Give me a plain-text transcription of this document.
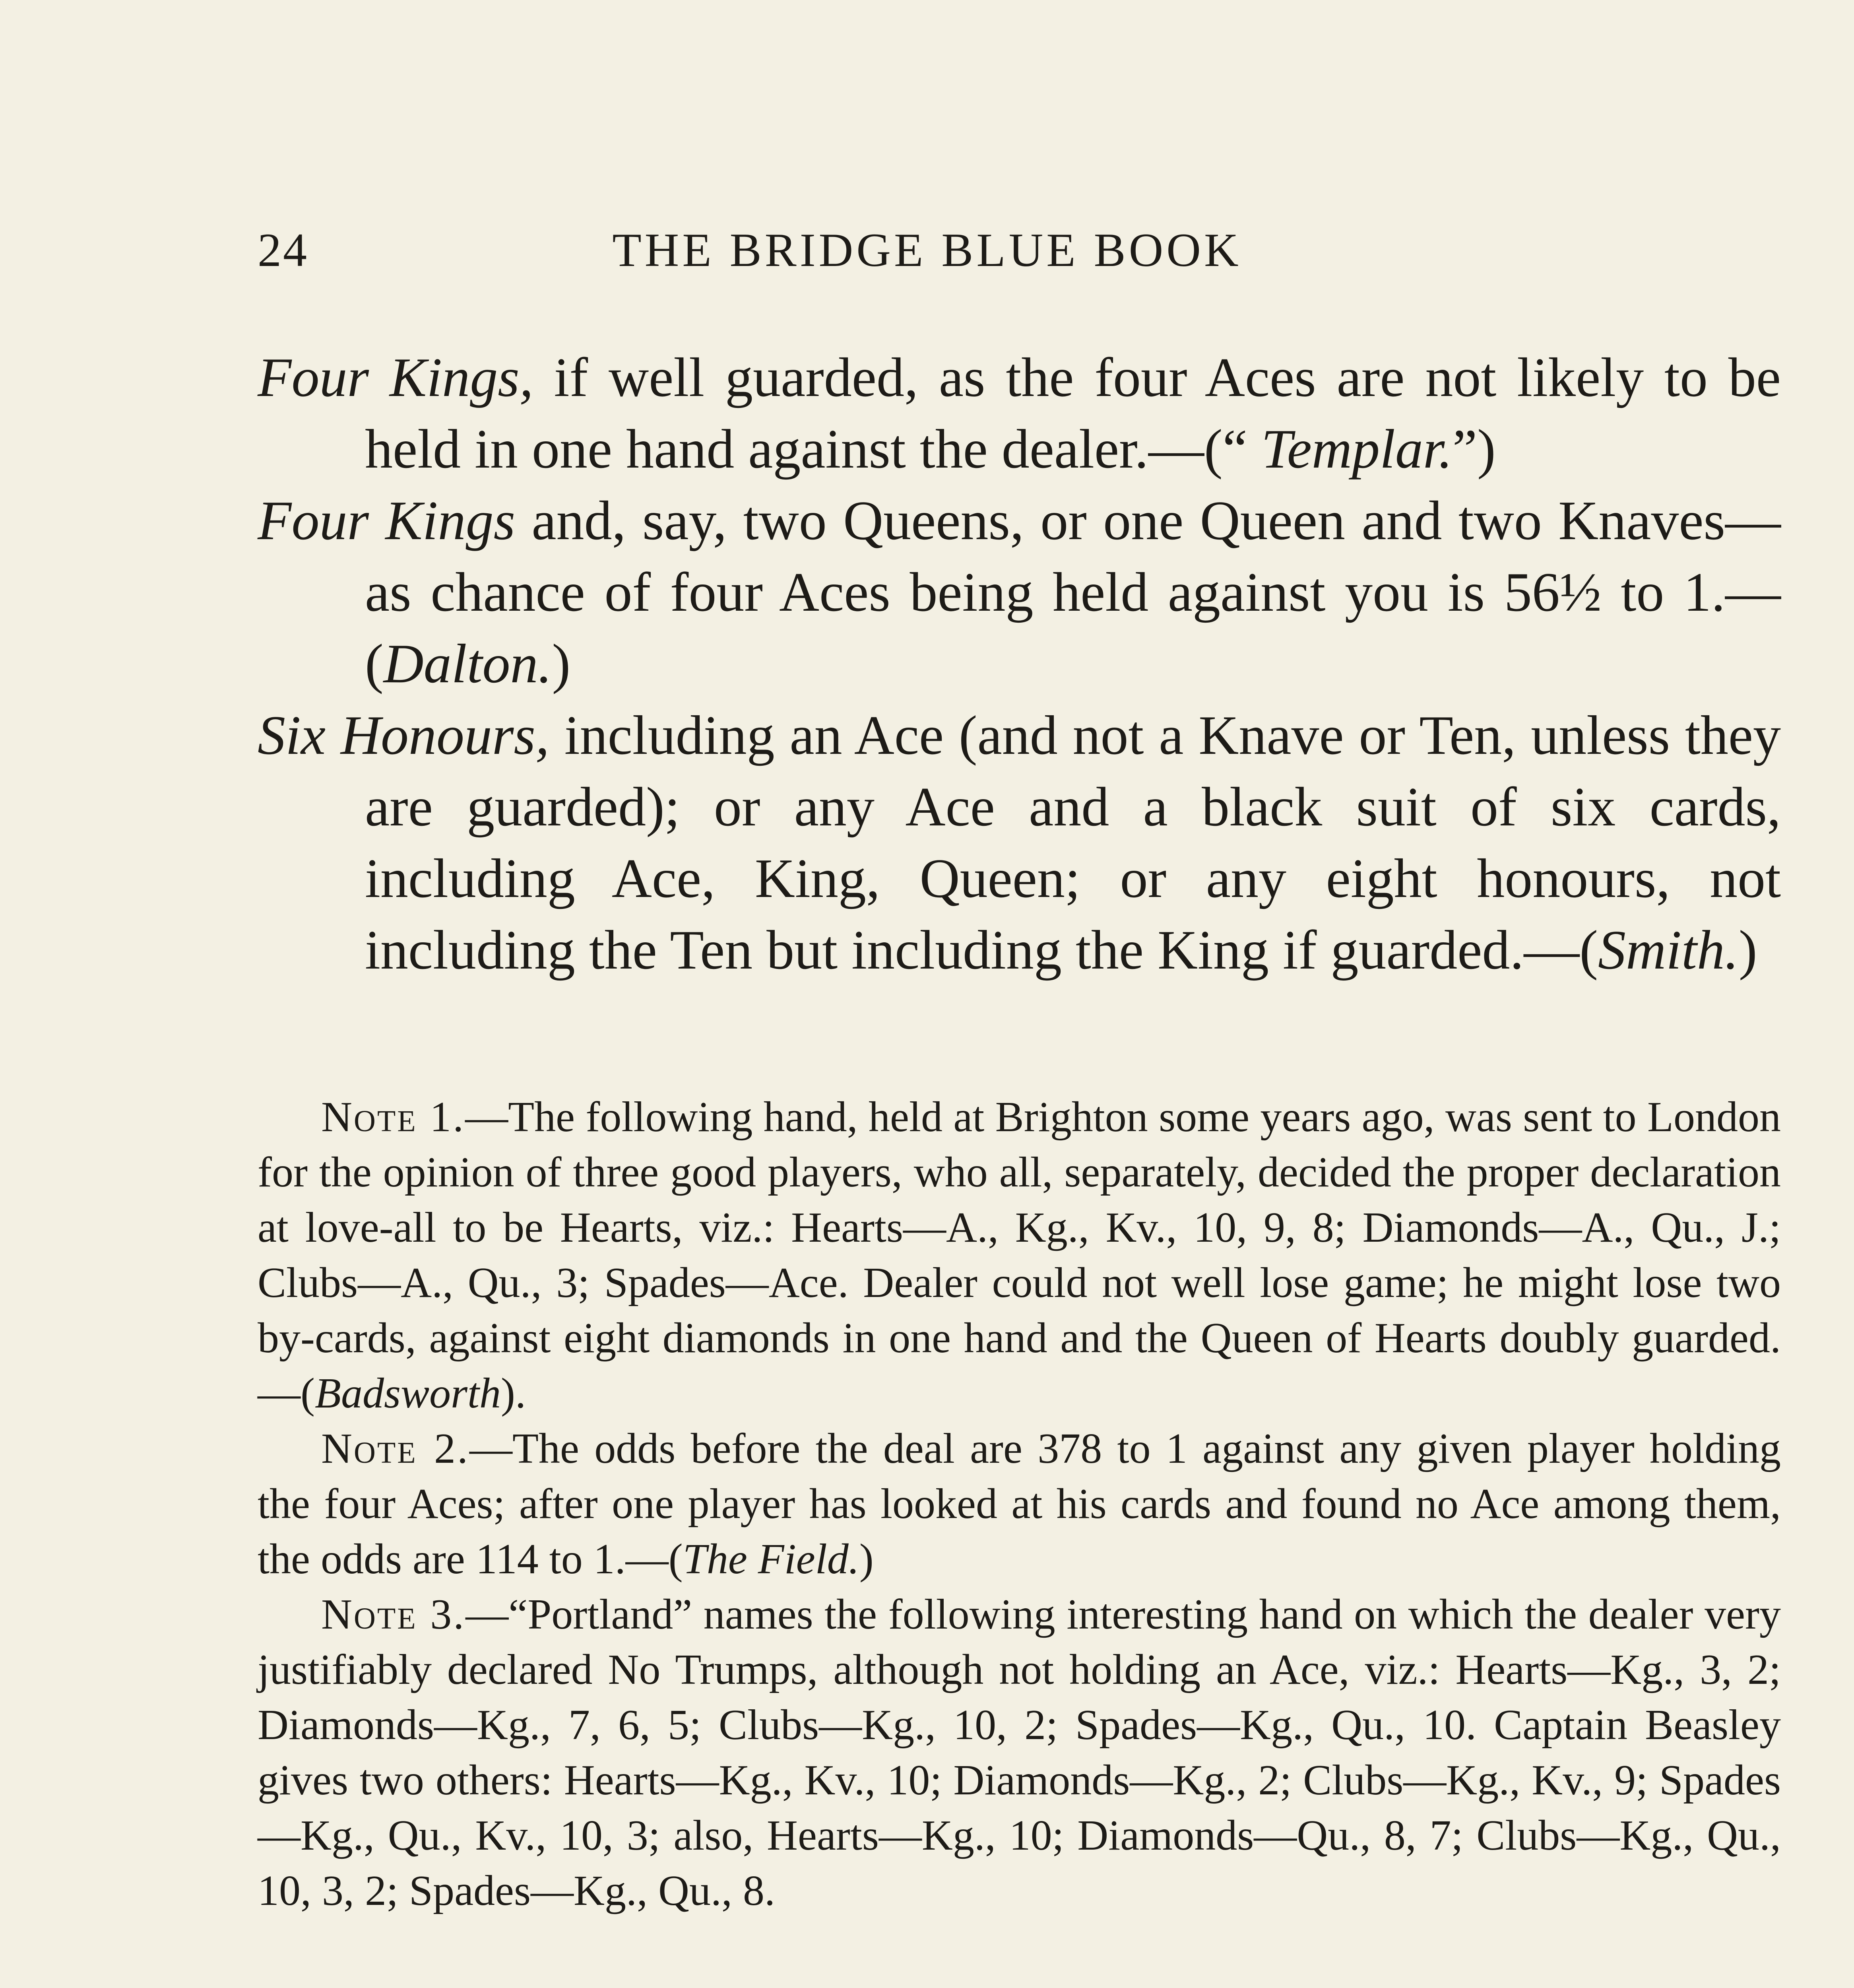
24	THE BRIDGE BLUE BOOK

Four Kings, if well guarded, as the four Aces are not likely to be held in one hand against the dealer.—(“ Templar.”)

Four Kings and, say, two Queens, or one Queen and two Knaves—as chance of four Aces being held against you is 56½ to 1.—(Dalton.)

Six Honours, including an Ace (and not a Knave or Ten, unless they are guarded); or any Ace and a black suit of six cards, including Ace, King, Queen; or any eight honours, not including the Ten but including the King if guarded.—(Smith.)

Note 1.—The following hand, held at Brighton some years ago, was sent to London for the opinion of three good players, who all, separately, decided the proper declaration at love-all to be Hearts, viz.: Hearts—A., Kg., Kv., 10, 9, 8; Diamonds—A., Qu., J.; Clubs—A., Qu., 3; Spades—Ace. Dealer could not well lose game; he might lose two by-cards, against eight diamonds in one hand and the Queen of Hearts doubly guarded.—(Badsworth).

Note 2.—The odds before the deal are 378 to 1 against any given player holding the four Aces; after one player has looked at his cards and found no Ace among them, the odds are 114 to 1.—(The Field.)

Note 3.—“Portland” names the following interesting hand on which the dealer very justifiably declared No Trumps, although not holding an Ace, viz.: Hearts—Kg., 3, 2; Diamonds—Kg., 7, 6, 5; Clubs—Kg., 10, 2; Spades—Kg., Qu., 10. Captain Beasley gives two others: Hearts—Kg., Kv., 10; Diamonds—Kg., 2; Clubs—Kg., Kv., 9; Spades—Kg., Qu., Kv., 10, 3; also, Hearts—Kg., 10; Diamonds—Qu., 8, 7; Clubs—Kg., Qu., 10, 3, 2; Spades—Kg., Qu., 8.
